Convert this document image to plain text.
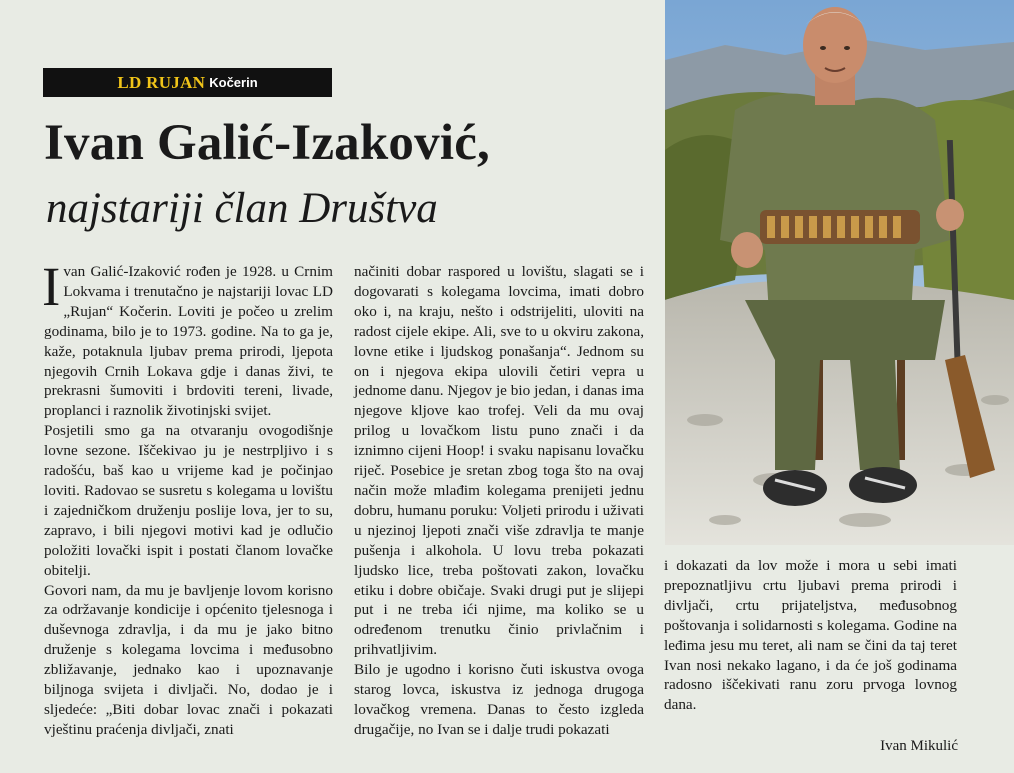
LD RUJAN Kočerin
Ivan Galić-Izaković,
najstariji član Društva
I van Galić-Izaković rođen je 1928. u Crnim Lokvama i trenutačno je najstariji lovac LD „Rujan“ Kočerin. Loviti je počeo u zrelim godinama, bilo je to 1973. godine. Na to ga je, kaže, potaknula ljubav prema prirodi, ljepota njegovih Crnih Lokava gdje i danas živi, te prekrasni šumoviti i brdoviti tereni, livade, proplanci i raznolik životinjski svijet.

Posjetili smo ga na otvaranju ovogodišnje lovne sezone. Iščekivao ju je nestrpljivo i s radošću, baš kao u vrijeme kad je počinjao loviti. Radovao se susretu s kolegama u lovištu i zajedničkom druženju poslije lova, jer to su, zapravo, i bili njegovi motivi kad je odlučio položiti lovački ispit i postati članom lovačke obitelji.

Govori nam, da mu je bavljenje lovom korisno za održavanje kondicije i općenito tjelesnoga i duševnoga zdravlja, i da mu je jako bitno druženje s kolegama lovcima i međusobno zbližavanje, jednako kao i upoznavanje biljnoga svijeta i divljači. No, dodao je i sljedeće: „Biti dobar lovac znači i pokazati vještinu praćenja divljači, znati

načiniti dobar raspored u lovištu, slagati se i dogovarati s kolegama lovcima, imati dobro oko i, na kraju, nešto i odstrijeliti, uloviti na radost cijele ekipe. Ali, sve to u okviru zakona, lovne etike i ljudskog ponašanja“. Jednom su on i njegova ekipa ulovili četiri vepra u jednome danu. Njegov je bio jedan, i danas ima njegove kljove kao trofej. Veli da mu ovaj prilog u lovačkom listu puno znači i da iznimno cijeni Hoop! i svaku napisanu lovačku riječ. Posebice je sretan zbog toga što na ovaj način može mlađim kolegama prenijeti jednu dobru, humanu poruku: Voljeti prirodu i uživati u njezinoj ljepoti znači više zdravlja te manje pušenja i alkohola. U lovu treba pokazati ljudsko lice, treba poštovati zakon, lovačku etiku i dobre običaje. Svaki drugi put je slijepi put i ne treba ići njime, ma koliko se u određenom trenutku činio privlačnim i prihvatljivim.

Bilo je ugodno i korisno čuti iskustva ovoga starog lovca, iskustva iz jednoga drugoga lovačkog vremena. Danas to često izgleda drugačije, no Ivan se i dalje trudi pokazati

i dokazati da lov može i mora u sebi imati prepoznatljivu crtu ljubavi prema prirodi i divljači, crtu prijateljstva, međusobnog poštovanja i solidarnosti s kolegama. Godine na leđima jesu mu teret, ali nam se čini da taj teret Ivan nosi nekako lagano, i da će još godinama radosno iščekivati ranu zoru prvoga lovnog dana.

Ivan Mikulić
